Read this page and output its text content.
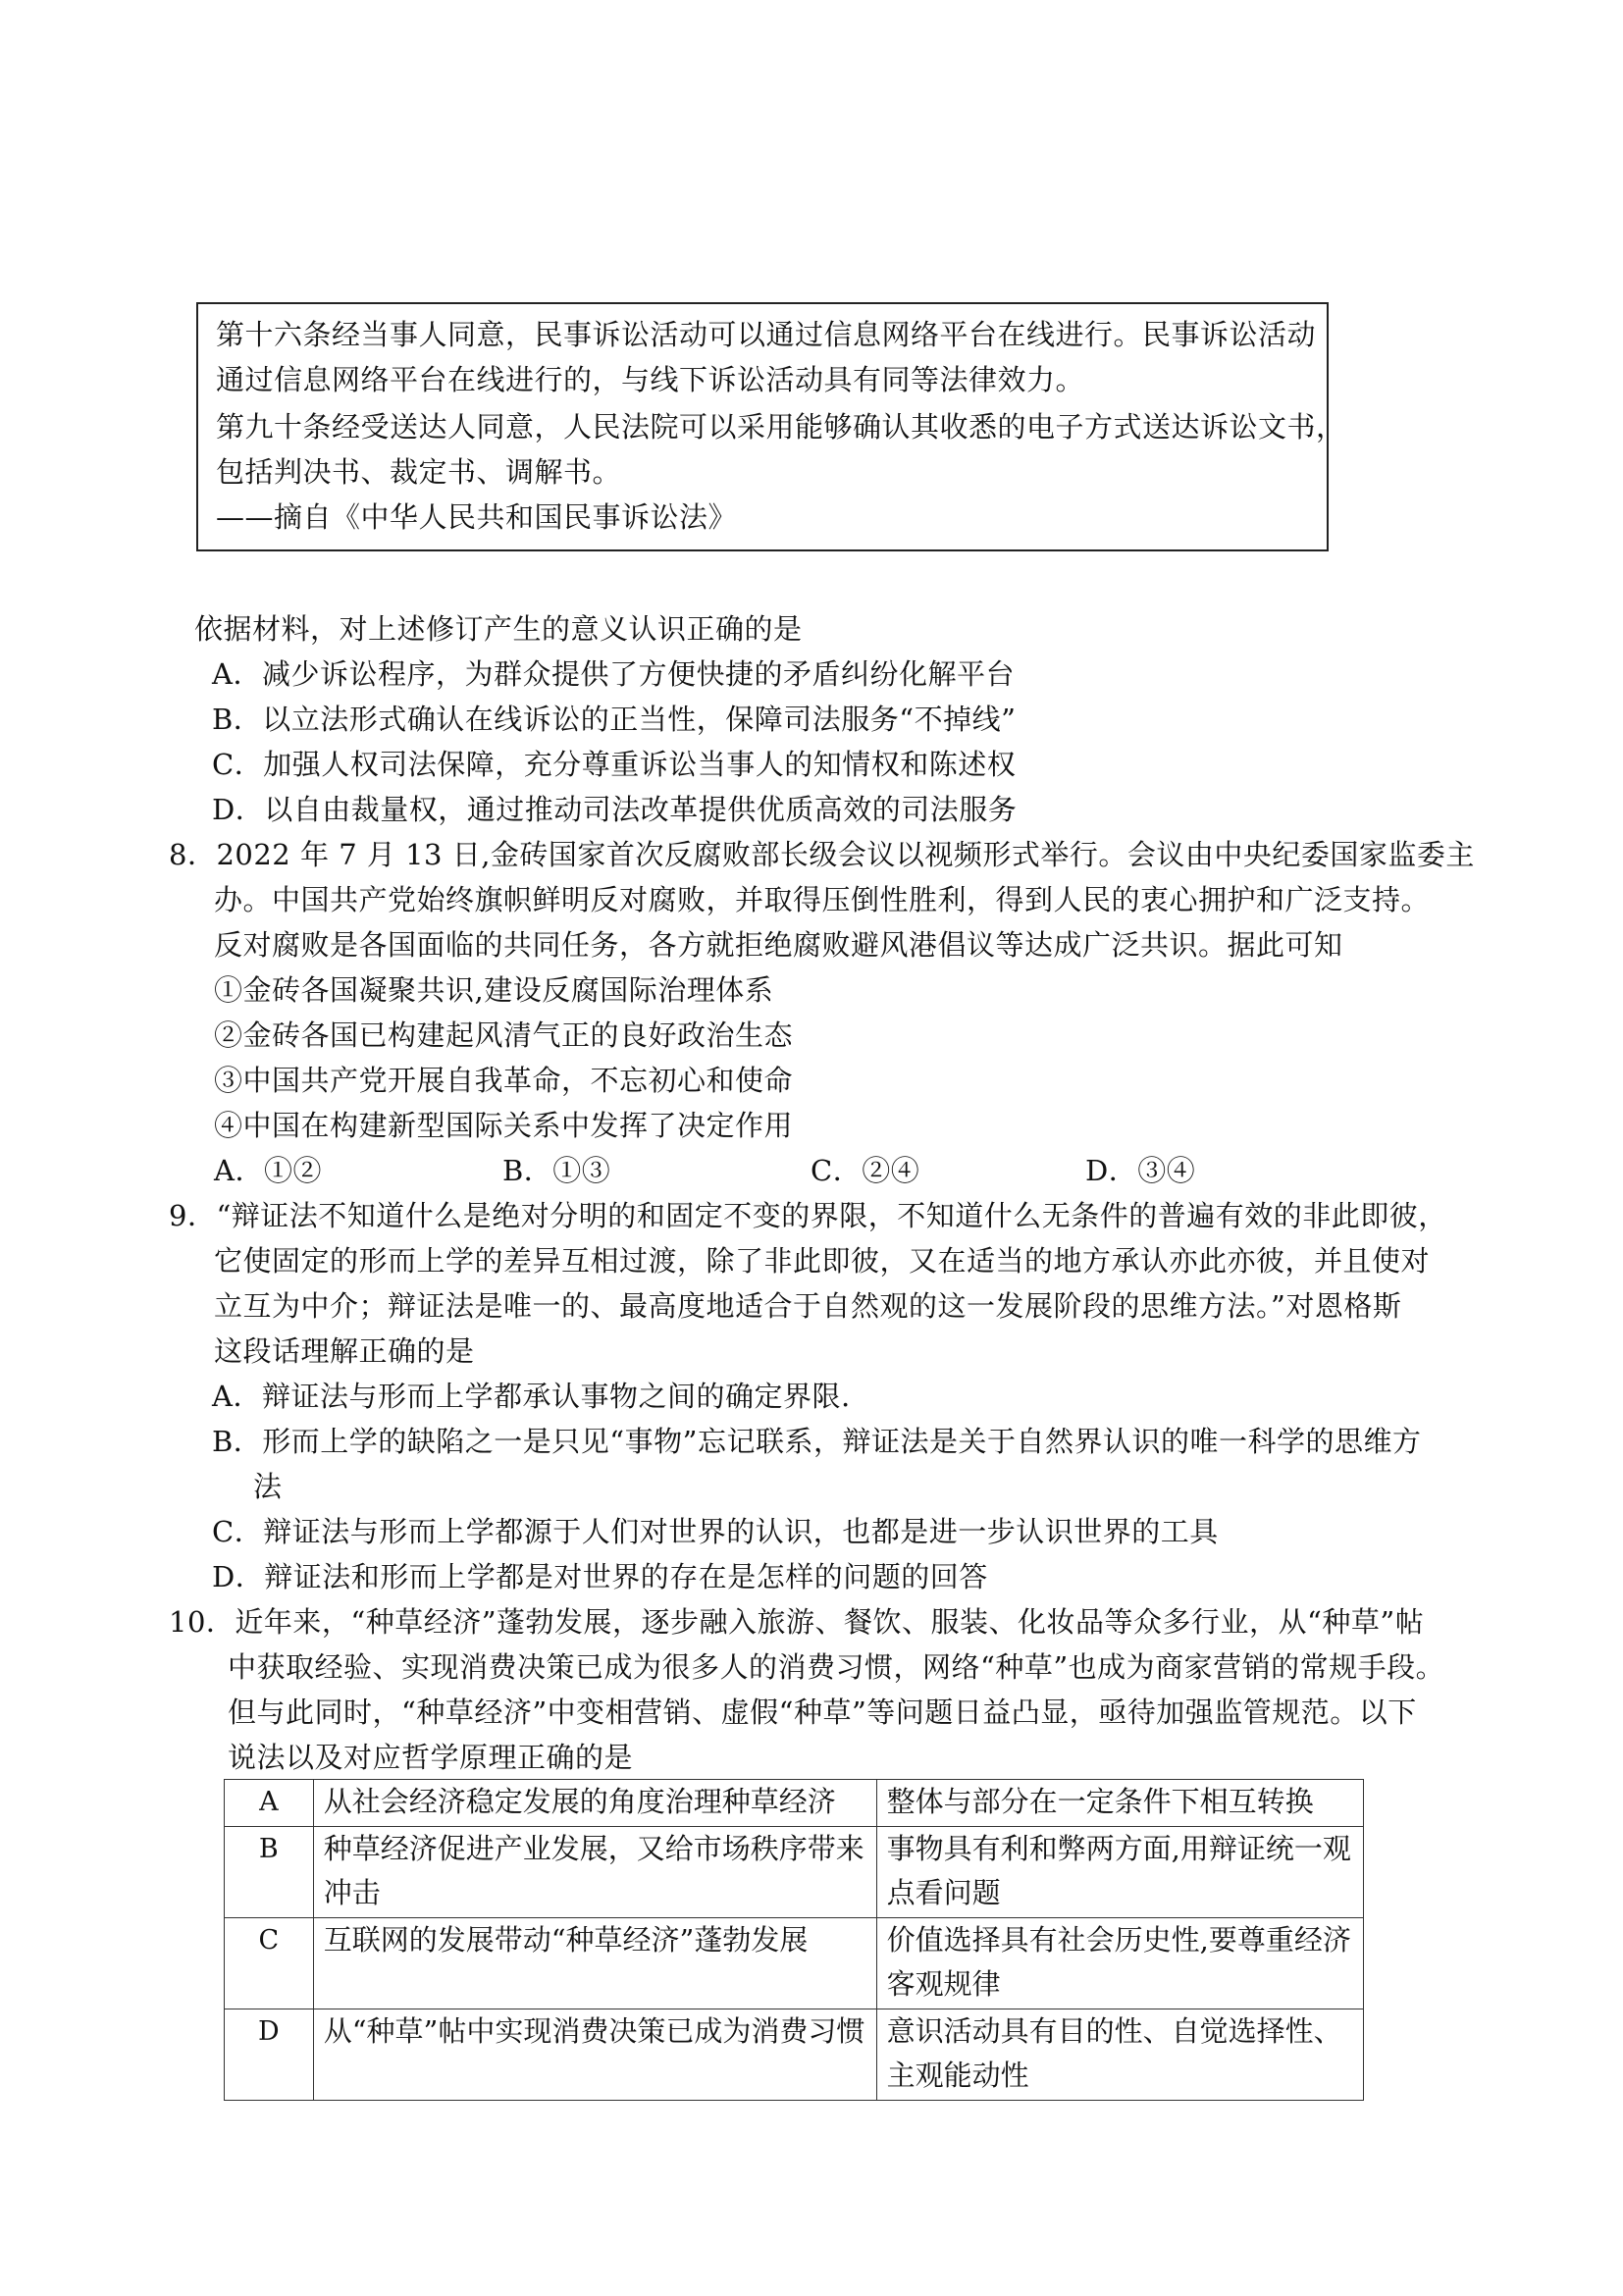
第十六条经当事人同意，民事诉讼活动可以通过信息网络平台在线进行。民事诉讼活动
通过信息网络平台在线进行的，与线下诉讼活动具有同等法律效力。
第九十条经受送达人同意，人民法院可以采用能够确认其收悉的电子方式送达诉讼文书，
包括判决书、裁定书、调解书。
——摘自《中华人民共和国民事诉讼法》
依据材料，对上述修订产生的意义认识正确的是
A．减少诉讼程序，为群众提供了方便快捷的矛盾纠纷化解平台
B．以立法形式确认在线诉讼的正当性，保障司法服务“不掉线”
C．加强人权司法保障，充分尊重诉讼当事人的知情权和陈述权
D．以自由裁量权，通过推动司法改革提供优质高效的司法服务
8．2022 年 7 月 13 日,金砖国家首次反腐败部长级会议以视频形式举行。会议由中央纪委国家监委主
办。中国共产党始终旗帜鲜明反对腐败，并取得压倒性胜利，得到人民的衷心拥护和广泛支持。
反对腐败是各国面临的共同任务，各方就拒绝腐败避风港倡议等达成广泛共识。据此可知
①金砖各国凝聚共识,建设反腐国际治理体系
②金砖各国已构建起风清气正的良好政治生态
③中国共产党开展自我革命，不忘初心和使命
④中国在构建新型国际关系中发挥了决定作用
A．①②	B．①③	C．②④	D．③④
9．“辩证法不知道什么是绝对分明的和固定不变的界限，不知道什么无条件的普遍有效的非此即彼，
它使固定的形而上学的差异互相过渡，除了非此即彼，又在适当的地方承认亦此亦彼，并且使对
立互为中介；辩证法是唯一的、最高度地适合于自然观的这一发展阶段的思维方法。”对恩格斯
这段话理解正确的是
A．辩证法与形而上学都承认事物之间的确定界限.
B．形而上学的缺陷之一是只见“事物”忘记联系，辩证法是关于自然界认识的唯一科学的思维方
法
C．辩证法与形而上学都源于人们对世界的认识，也都是进一步认识世界的工具
D．辩证法和形而上学都是对世界的存在是怎样的问题的回答
10．近年来，“种草经济”蓬勃发展，逐步融入旅游、餐饮、服装、化妆品等众多行业，从“种草”帖
中获取经验、实现消费决策已成为很多人的消费习惯，网络“种草”也成为商家营销的常规手段。
但与此同时，“种草经济”中变相营销、虚假“种草”等问题日益凸显，亟待加强监管规范。以下
说法以及对应哲学原理正确的是
A	从社会经济稳定发展的角度治理种草经济	整体与部分在一定条件下相互转换
B	种草经济促进产业发展，又给市场秩序带来冲击	事物具有利和弊两方面,用辩证统一观点看问题
C	互联网的发展带动“种草经济”蓬勃发展	价值选择具有社会历史性,要尊重经济客观规律
D	从“种草”帖中实现消费决策已成为消费习惯	意识活动具有目的性、自觉选择性、主观能动性
